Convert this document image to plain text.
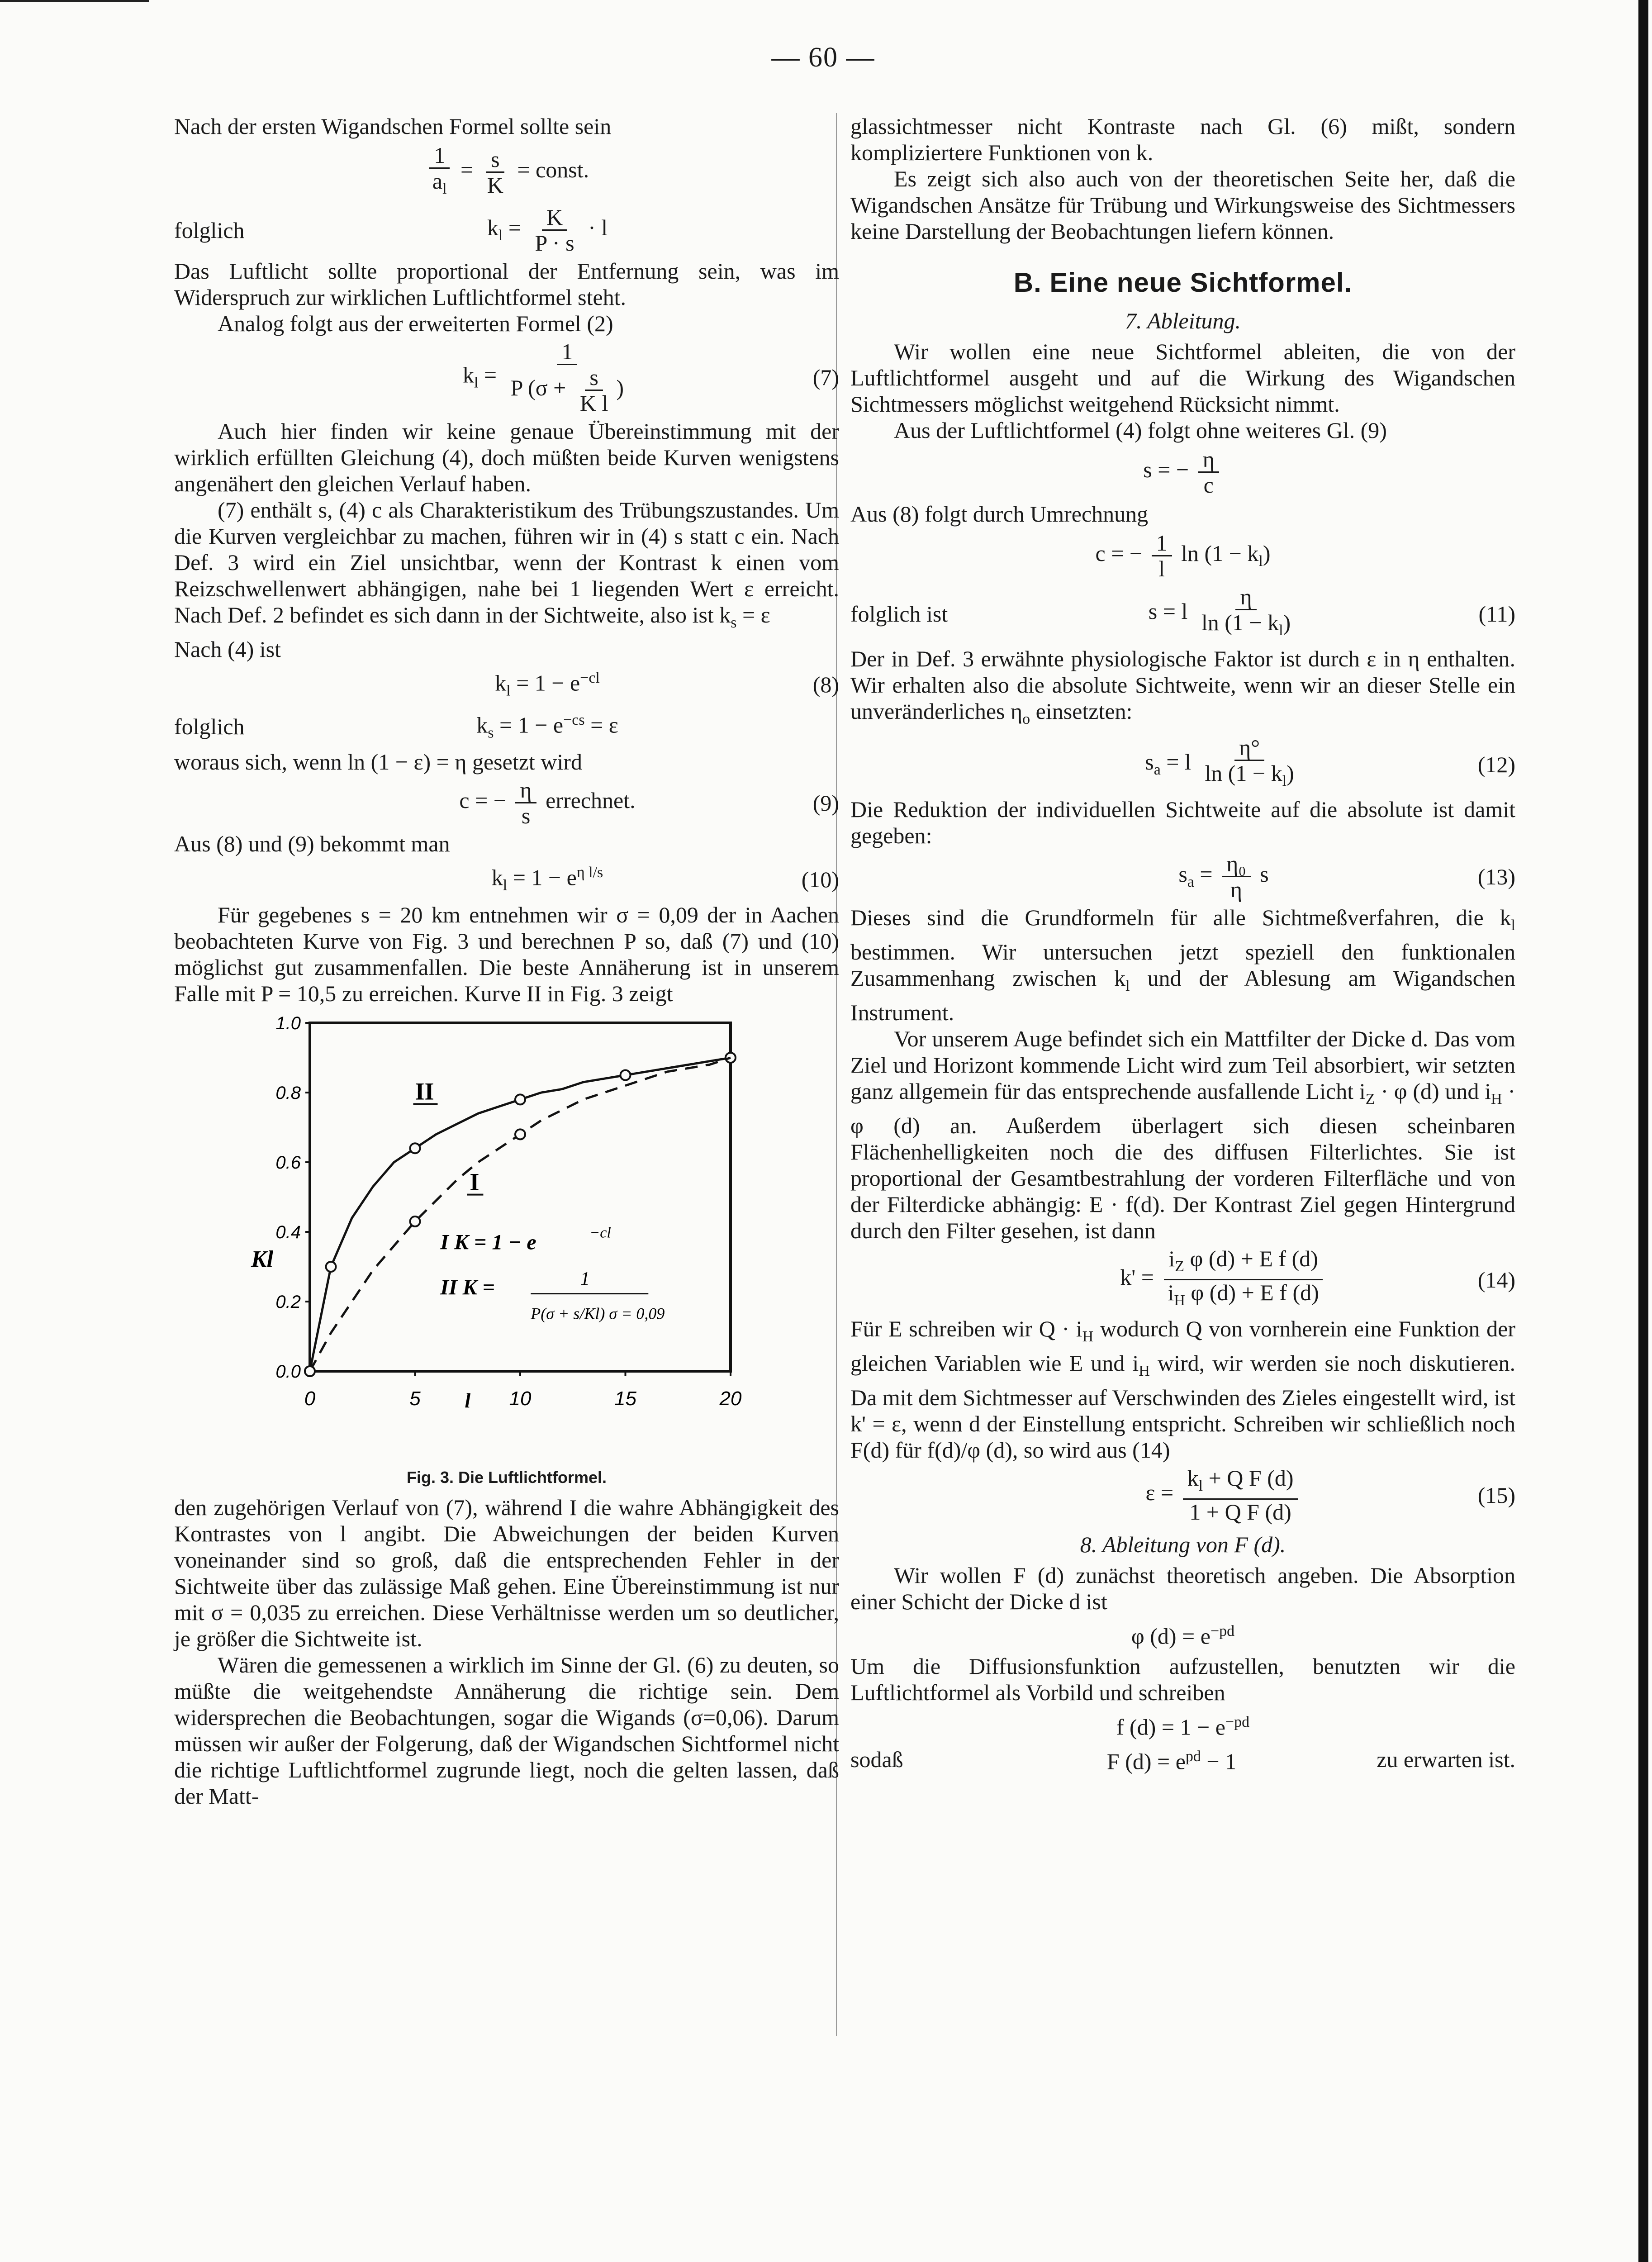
— 60 —

Nach der ersten Wigandschen Formel sollte sein

$\frac{1}{a_l} = \frac{s}{K}$ = const.
folglich	$k_l = \frac{K}{P \cdot s} \cdot l$

Das Luftlicht sollte proportional der Entfernung sein, was im Widerspruch zur wirklichen Luftlichtformel steht.

Analog folgt aus der erweiterten Formel (2)

$k_l = \frac{1}{P (\sigma + \frac{s}{\text{K l}} )}$	(7)

Auch hier finden wir keine genaue Übereinstimmung mit der wirklich erfüllten Gleichung (4), doch müßten beide Kurven wenigstens angenähert den gleichen Verlauf haben.

(7) enthält s, (4) c als Charakteristikum des Trübungszustandes. Um die Kurven vergleichbar zu machen, führen wir in (4) s statt c ein. Nach Def. 3 wird ein Ziel unsichtbar, wenn der Kontrast k einen vom Reizschwellenwert abhängigen, nahe bei 1 liegenden Wert ε erreicht. Nach Def. 2 befindet es sich dann in der Sichtweite, also ist $k_s = \varepsilon$

Nach (4) ist

$k_l = 1 - e^{-cl}$	(8)
folglich	$k_s = 1 - e^{-cs} = \varepsilon$

woraus sich, wenn ln (1 − ε) = η gesetzt wird

c = − $\frac{\eta}{s}$ errechnet.	(9)

Aus (8) und (9) bekommt man

$k_l = 1 - e^{\eta l/s}$	(10)

Für gegebenes s = 20 km entnehmen wir σ = 0,09 der in Aachen beobachteten Kurve von Fig. 3 und berechnen P so, daß (7) und (10) möglichst gut zusammenfallen. Die beste Annäherung ist in unserem Falle mit P = 10,5 zu erreichen. Kurve II in Fig. 3 zeigt

0.0
0.2
0.4
0.6
0.8
1.0
0	5	10	15	20
l
Kl
II
I
I K = 1 − e	−cl
II K =	1
P(σ + s/Kl) σ = 0,09
Fig. 3. Die Luftlichtformel.

den zugehörigen Verlauf von (7), während I die wahre Abhängigkeit des Kontrastes von l angibt. Die Abweichungen der beiden Kurven voneinander sind so groß, daß die entsprechenden Fehler in der Sichtweite über das zulässige Maß gehen. Eine Übereinstimmung ist nur mit σ = 0,035 zu erreichen. Diese Verhältnisse werden um so deutlicher, je größer die Sichtweite ist.

Wären die gemessenen a wirklich im Sinne der Gl. (6) zu deuten, so müßte die weitgehendste Annäherung die richtige sein. Dem widersprechen die Beobachtungen, sogar die Wigands (σ=0,06). Darum müssen wir außer der Folgerung, daß der Wigandschen Sichtformel nicht die richtige Luftlichtformel zugrunde liegt, noch die gelten lassen, daß der Matt-

glassichtmesser nicht Kontraste nach Gl. (6) mißt, sondern kompliziertere Funktionen von k.

Es zeigt sich also auch von der theoretischen Seite her, daß die Wigandschen Ansätze für Trübung und Wirkungsweise des Sichtmessers keine Darstellung der Beobachtungen liefern können.

B. Eine neue Sichtformel.
7. Ableitung.

Wir wollen eine neue Sichtformel ableiten, die von der Luftlichtformel ausgeht und auf die Wirkung des Wigandschen Sichtmessers möglichst weitgehend Rücksicht nimmt.

Aus der Luftlichtformel (4) folgt ohne weiteres Gl. (9)

s = − $\frac{\eta}{c}$

Aus (8) folgt durch Umrechnung

c = − $\frac{1}{l}$ $\ln (1 - k_l)$
folglich ist	s = l $\frac{\eta}{\ln (1 - k_l)}$	(11)

Der in Def. 3 erwähnte physiologische Faktor ist durch ε in η enthalten. Wir erhalten also die absolute Sichtweite, wenn wir an dieser Stelle ein unveränderliches $\eta_o$ einsetzten:

$s_a = l \frac{\eta^\circ}{\ln (1 - k_l)}$	(12)

Die Reduktion der individuellen Sichtweite auf die absolute ist damit gegeben:

$s_a = \frac{\text{η₀}}{\eta}$ s	(13)

Dieses sind die Grundformeln für alle Sichtmeßverfahren, die $k_l$ bestimmen. Wir untersuchen jetzt speziell den funktionalen Zusammenhang zwischen $k_l$ und der Ablesung am Wigandschen Instrument.

Vor unserem Auge befindet sich ein Mattfilter der Dicke d. Das vom Ziel und Horizont kommende Licht wird zum Teil absorbiert, wir setzten ganz allgemein für das entsprechende ausfallende Licht $i_Z \cdot \varphi$ (d) und $i_H \cdot \varphi$ (d) an. Außerdem überlagert sich diesen scheinbaren Flächenhelligkeiten noch die des diffusen Filterlichtes. Sie ist proportional der Gesamtbestrahlung der vorderen Filterfläche und von der Filterdicke abhängig: E · f(d). Der Kontrast Ziel gegen Hintergrund durch den Filter gesehen, ist dann

$k' = \frac{i_Z \varphi (d) + E f (d)}{i_H \varphi (d) + E f (d)}$	(14)

Für E schreiben wir $Q \cdot i_H$ wodurch Q von vornherein eine Funktion der gleichen Variablen wie E und $i_H$ wird, wir werden sie noch diskutieren. Da mit dem Sichtmesser auf Verschwinden des Zieles eingestellt wird, ist k' = ε, wenn d der Einstellung entspricht. Schreiben wir schließlich noch F(d) für f(d)/φ (d), so wird aus (14)

$\varepsilon = \frac{k_l + Q F (d)}{\text{1 + Q F (d)}}$	(15)
8. Ableitung von F (d).

Wir wollen F (d) zunächst theoretisch angeben. Die Absorption einer Schicht der Dicke d ist

φ $(d) = e^{-pd}$

Um die Diffusionsfunktion aufzustellen, benutzten wir die Luftlichtformel als Vorbild und schreiben

f $(d) = 1 - e^{-pd}$
sodaß	F $(d) = e^{pd} - 1$	zu erwarten ist.
